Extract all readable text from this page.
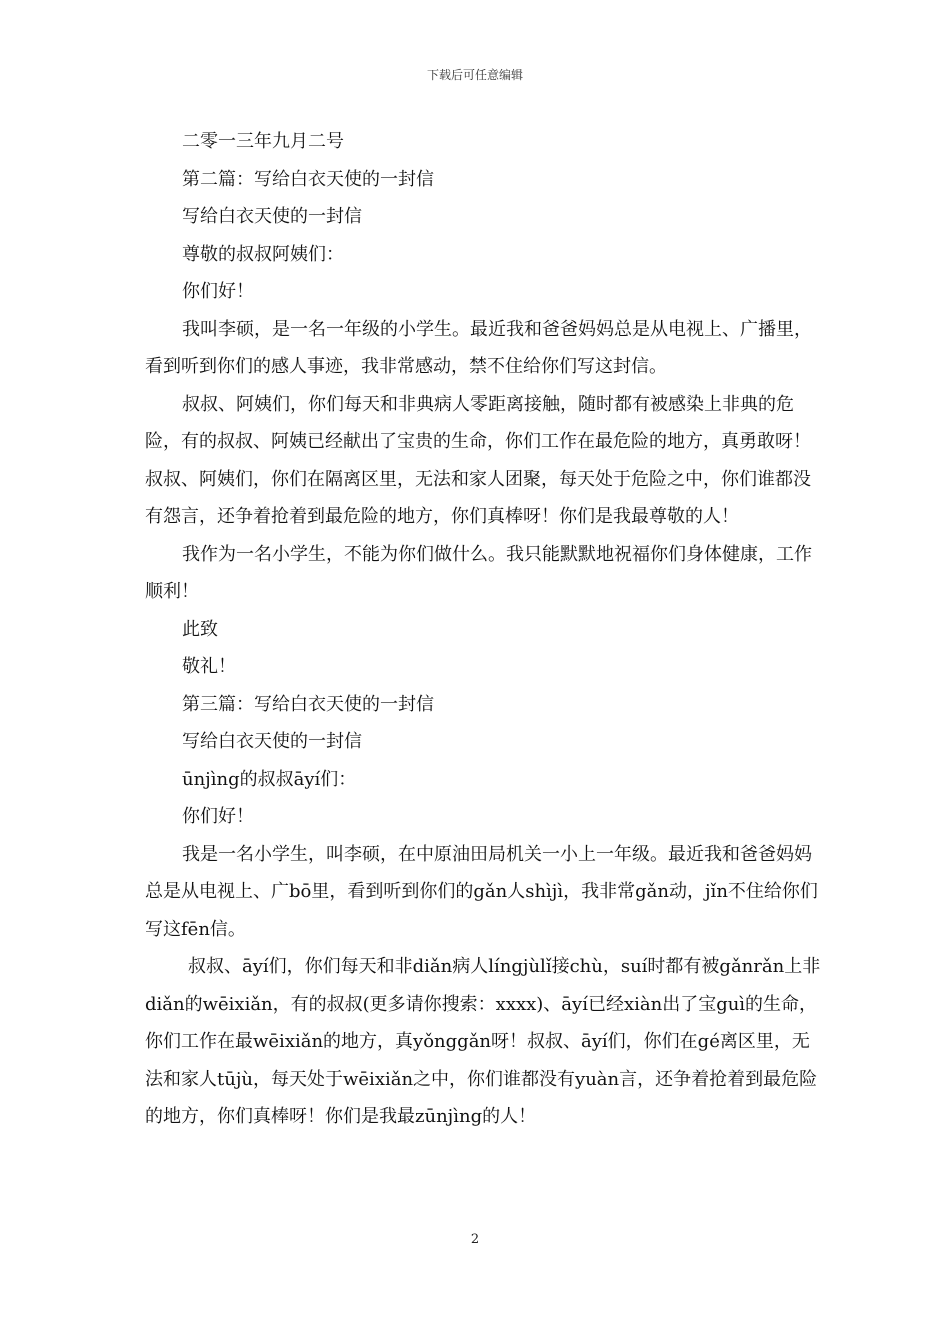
下载后可任意编辑

二零一三年九月二号

第二篇：写给白衣天使的一封信

写给白衣天使的一封信

尊敬的叔叔阿姨们：

你们好！

我叫李硕，是一名一年级的小学生。最近我和爸爸妈妈总是从电视上、广播里，看到听到你们的感人事迹，我非常感动，禁不住给你们写这封信。

叔叔、阿姨们，你们每天和非典病人零距离接触，随时都有被感染上非典的危险，有的叔叔、阿姨已经献出了宝贵的生命，你们工作在最危险的地方，真勇敢呀！叔叔、阿姨们，你们在隔离区里，无法和家人团聚，每天处于危险之中，你们谁都没有怨言，还争着抢着到最危险的地方，你们真棒呀！你们是我最尊敬的人！

我作为一名小学生，不能为你们做什么。我只能默默地祝福你们身体健康，工作顺利！

此致

敬礼！

第三篇：写给白衣天使的一封信

写给白衣天使的一封信

ūnjìng的叔叔āyí们：

你们好！

我是一名小学生，叫李硕，在中原油田局机关一小上一年级。最近我和爸爸妈妈总是从电视上、广bō里，看到听到你们的gǎn人shìjì，我非常gǎn动，jǐn不住给你们写这fēn信。

叔叔、āyí们，你们每天和非diǎn病人língjùlǐ接chù，suí时都有被gǎnrǎn上非diǎn的wēixiǎn，有的叔叔(更多请你搜索：xxxx)、āyí已经xiàn出了宝guì的生命，你们工作在最wēixiǎn的地方，真yǒnggǎn呀！叔叔、āyí们，你们在gé离区里，无法和家人tūjù，每天处于wēixiǎn之中，你们谁都没有yuàn言，还争着抢着到最危险的地方，你们真棒呀！你们是我最zūnjìng的人！

2
